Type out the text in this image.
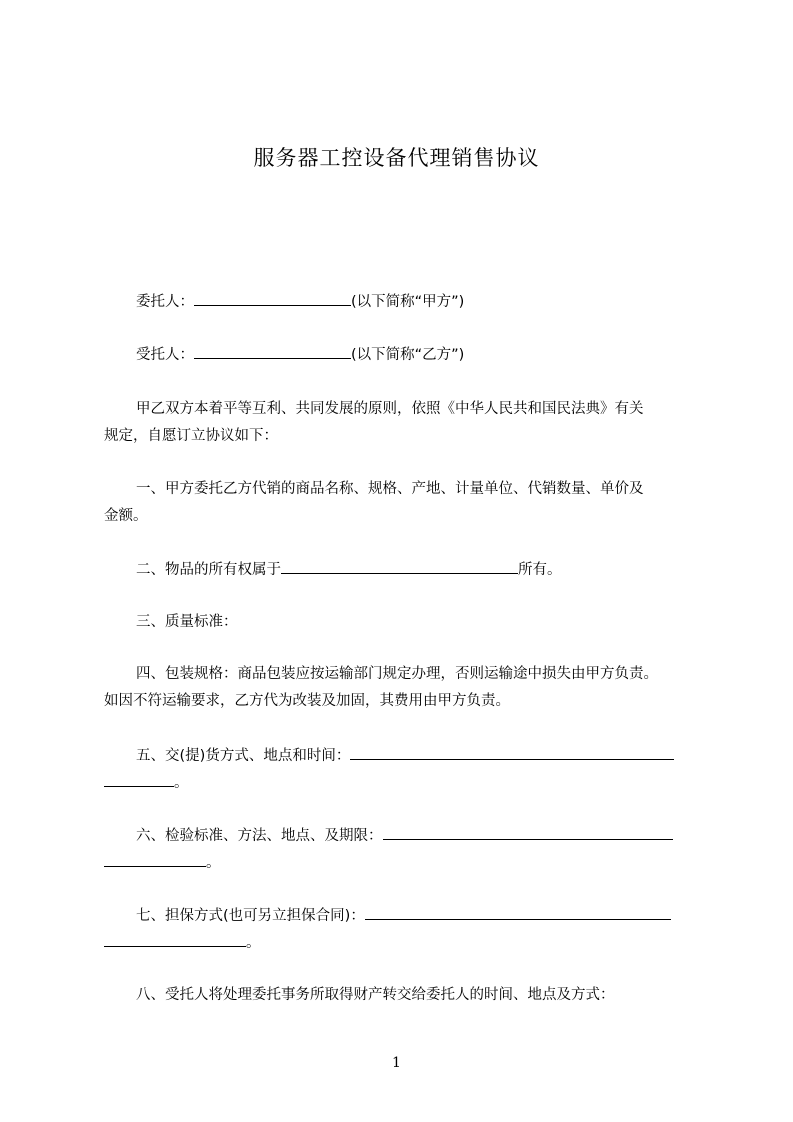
服务器工控设备代理销售协议
委托人：	(以下简称“甲方”)
受托人：	(以下简称“乙方”)
甲乙双方本着平等互利、共同发展的原则，依照《中华人民共和国民法典》有关
规定，自愿订立协议如下：
一、甲方委托乙方代销的商品名称、规格、产地、计量单位、代销数量、单价及
金额。
二、物品的所有权属于	所有。
三、质量标准：
四、包装规格：商品包装应按运输部门规定办理，否则运输途中损失由甲方负责。
如因不符运输要求，乙方代为改装及加固，其费用由甲方负责。
五、交(提)货方式、地点和时间：
。
六、检验标准、方法、地点、及期限：
。
七、担保方式(也可另立担保合同)：
。
八、受托人将处理委托事务所取得财产转交给委托人的时间、地点及方式：
1
